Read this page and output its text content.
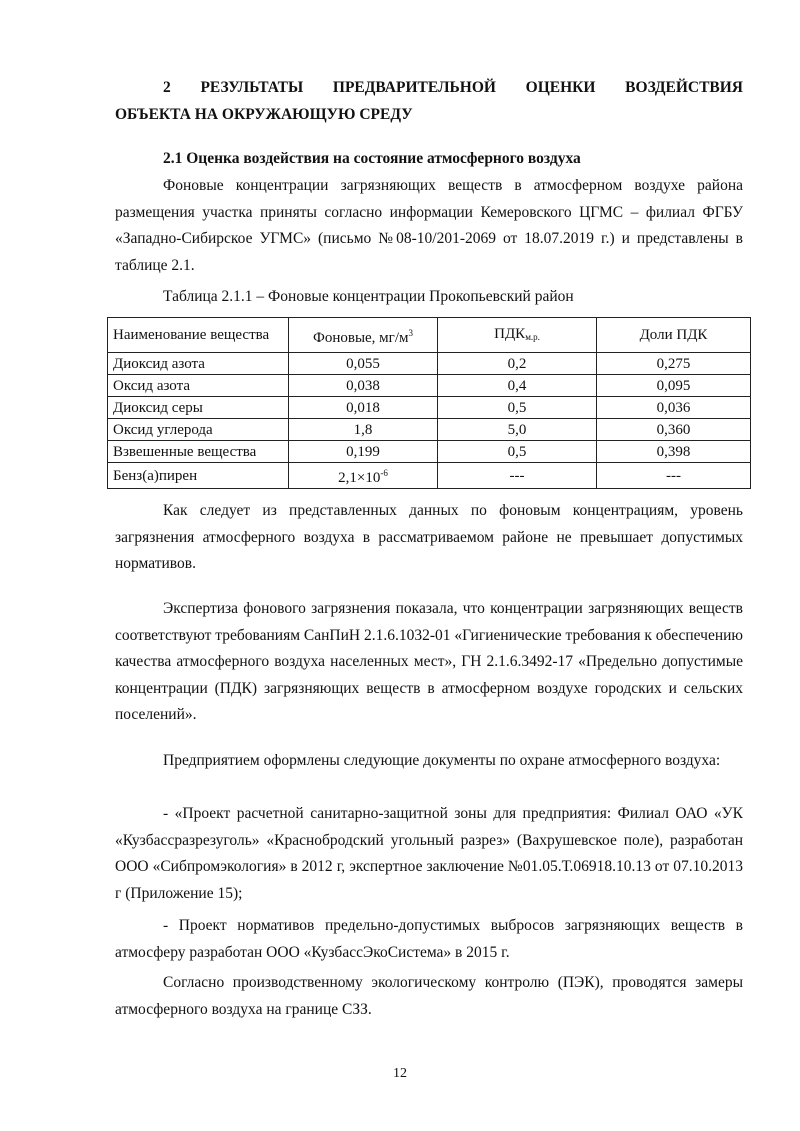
2 РЕЗУЛЬТАТЫ ПРЕДВАРИТЕЛЬНОЙ ОЦЕНКИ ВОЗДЕЙСТВИЯ
ОБЪЕКТА НА ОКРУЖАЮЩУЮ СРЕДУ
2.1 Оценка воздействия на состояние атмосферного воздуха

Фоновые концентрации загрязняющих веществ в атмосферном воздухе района размещения участка приняты согласно информации Кемеровского ЦГМС – филиал ФГБУ «Западно-Сибирское УГМС» (письмо №08-10/201-2069 от 18.07.2019 г.) и представлены в таблице 2.1.

Таблица 2.1.1 – Фоновые концентрации Прокопьевский район
Наименование вещества	Фоновые, $мг/м^3$	$ПДК_{м.р.}$	Доли ПДК
Диоксид азота	0,055	0,2	0,275
Оксид азота	0,038	0,4	0,095
Диоксид серы	0,018	0,5	0,036
Оксид углерода	1,8	5,0	0,360
Взвешенные вещества	0,199	0,5	0,398
Бенз(а)пирен	$2,1\times 10^{-6}$	---	---

Как следует из представленных данных по фоновым концентрациям, уровень загрязнения атмосферного воздуха в рассматриваемом районе не превышает допустимых нормативов.

Экспертиза фонового загрязнения показала, что концентрации загрязняющих веществ соответствуют требованиям СанПиН 2.1.6.1032-01 «Гигиенические требования к обеспечению качества атмосферного воздуха населенных мест», ГН 2.1.6.3492-17 «Предельно допустимые концентрации (ПДК) загрязняющих веществ в атмосферном воздухе городских и сельских поселений».

Предприятием оформлены следующие документы по охране атмосферного воздуха:

- «Проект расчетной санитарно-защитной зоны для предприятия: Филиал ОАО «УК «Кузбассразрезуголь» «Краснобродский угольный разрез» (Вахрушевское поле), разработан ООО «Сибпромэкология» в 2012 г, экспертное заключение №01.05.Т.06918.10.13 от 07.10.2013 г (Приложение 15);

- Проект нормативов предельно-допустимых выбросов загрязняющих веществ в атмосферу разработан ООО «КузбассЭкоСистема» в 2015 г.

Согласно производственному экологическому контролю (ПЭК), проводятся замеры атмосферного воздуха на границе СЗЗ.

12
